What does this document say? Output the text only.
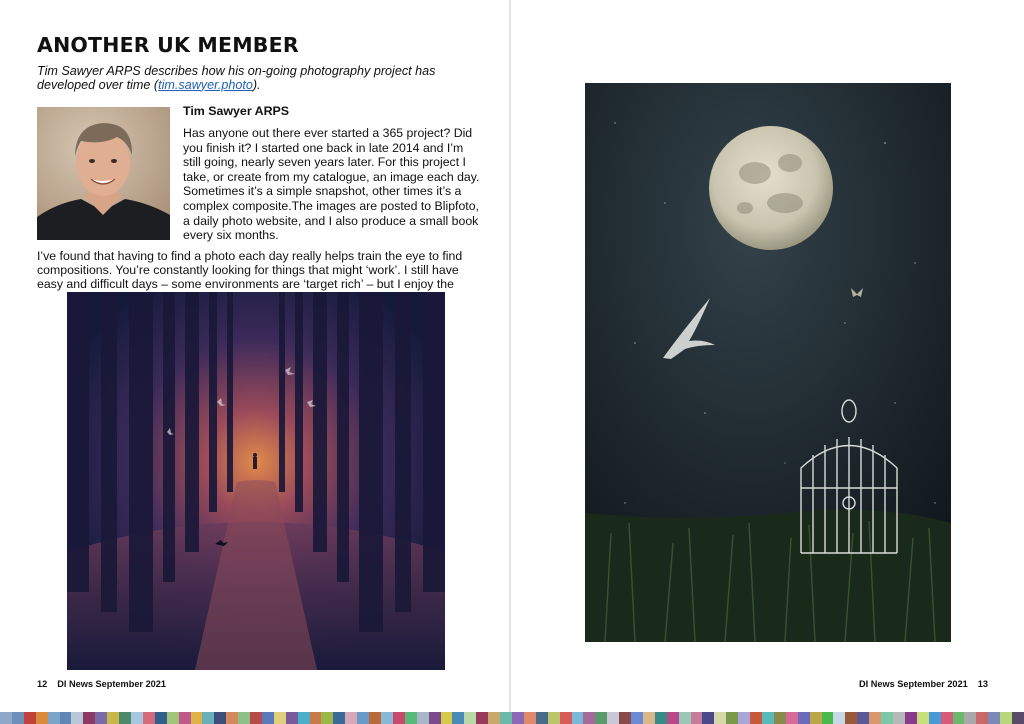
ANOTHER UK MEMBER

Tim Sawyer ARPS describes how his on-going photography project has developed over time (tim.sawyer.photo).

Tim Sawyer ARPS

Has anyone out there ever started a 365 project? Did you finish it? I started one back in late 2014 and I’m still going, nearly seven years later. For this project I take, or create from my catalogue, an image each day. Sometimes it’s a simple snapshot, other times it’s a complex composite.The images are posted to Blipfoto, a daily photo website, and I also produce a small book every six months.

I’ve found that having to find a photo each day really helps train the eye to find compositions. You’re constantly looking for things that might ‘work’. I still have easy and difficult days – some environments are ‘target rich’ – but I enjoy the

12 DI News September 2021	DI News September 2021 13
